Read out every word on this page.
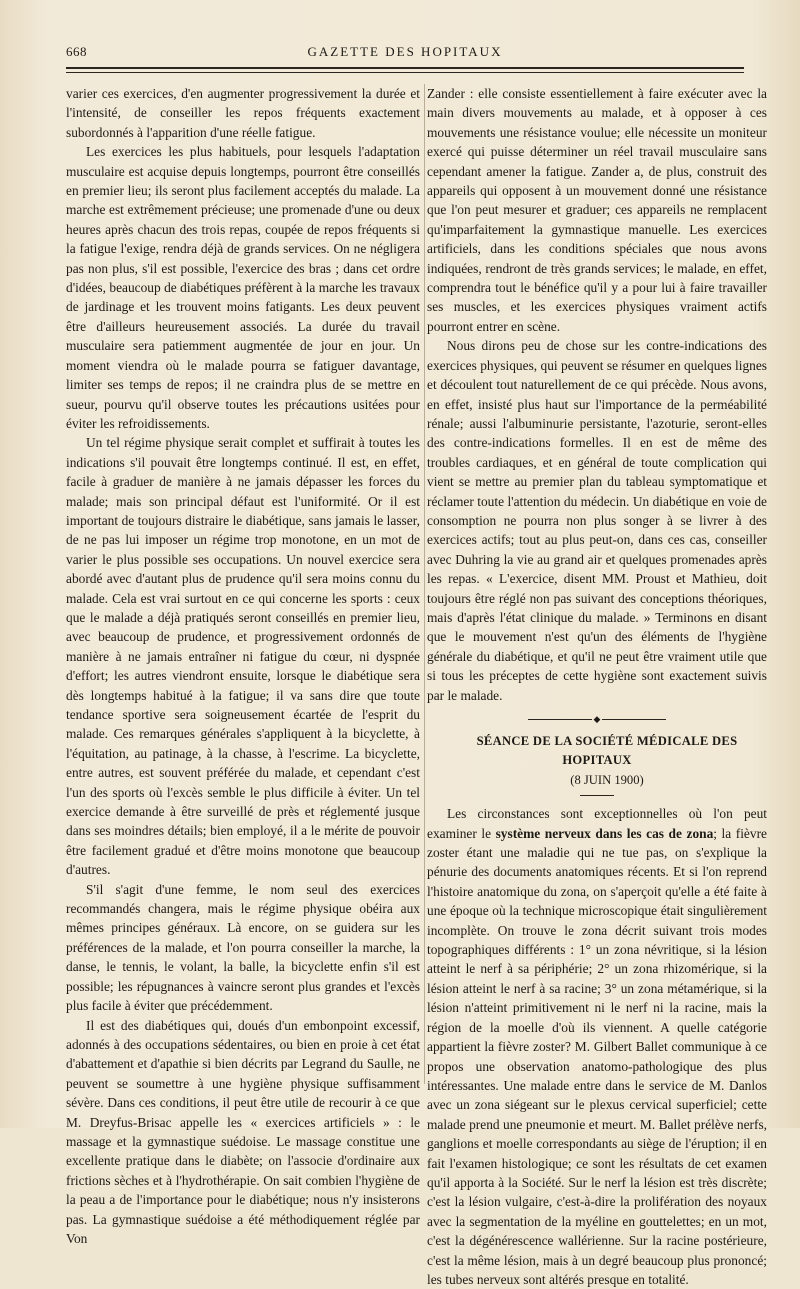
668	GAZETTE DES HOPITAUX

varier ces exercices, d'en augmenter progressivement la durée et l'intensité, de conseiller les repos fréquents exactement subordonnés à l'apparition d'une réelle fatigue.

Les exercices les plus habituels, pour lesquels l'adaptation musculaire est acquise depuis longtemps, pourront être conseillés en premier lieu; ils seront plus facilement acceptés du malade. La marche est extrêmement précieuse; une promenade d'une ou deux heures après chacun des trois repas, coupée de repos fréquents si la fatigue l'exige, rendra déjà de grands services. On ne négligera pas non plus, s'il est possible, l'exercice des bras ; dans cet ordre d'idées, beaucoup de diabétiques préfèrent à la marche les travaux de jardinage et les trouvent moins fatigants. Les deux peuvent être d'ailleurs heureusement associés. La durée du travail musculaire sera patiemment augmentée de jour en jour. Un moment viendra où le malade pourra se fatiguer davantage, limiter ses temps de repos; il ne craindra plus de se mettre en sueur, pourvu qu'il observe toutes les précautions usitées pour éviter les refroidissements.

Un tel régime physique serait complet et suffirait à toutes les indications s'il pouvait être longtemps continué. Il est, en effet, facile à graduer de manière à ne jamais dépasser les forces du malade; mais son principal défaut est l'uniformité. Or il est important de toujours distraire le diabétique, sans jamais le lasser, de ne pas lui imposer un régime trop monotone, en un mot de varier le plus possible ses occupations. Un nouvel exercice sera abordé avec d'autant plus de prudence qu'il sera moins connu du malade. Cela est vrai surtout en ce qui concerne les sports : ceux que le malade a déjà pratiqués seront conseillés en premier lieu, avec beaucoup de prudence, et progressivement ordonnés de manière à ne jamais entraîner ni fatigue du cœur, ni dyspnée d'effort; les autres viendront ensuite, lorsque le diabétique sera dès longtemps habitué à la fatigue; il va sans dire que toute tendance sportive sera soigneusement écartée de l'esprit du malade. Ces remarques générales s'appliquent à la bicyclette, à l'équitation, au patinage, à la chasse, à l'escrime. La bicyclette, entre autres, est souvent préférée du malade, et cependant c'est l'un des sports où l'excès semble le plus difficile à éviter. Un tel exercice demande à être surveillé de près et réglementé jusque dans ses moindres détails; bien employé, il a le mérite de pouvoir être facilement gradué et d'être moins monotone que beaucoup d'autres.

S'il s'agit d'une femme, le nom seul des exercices recommandés changera, mais le régime physique obéira aux mêmes principes généraux. Là encore, on se guidera sur les préférences de la malade, et l'on pourra conseiller la marche, la danse, le tennis, le volant, la balle, la bicyclette enfin s'il est possible; les répugnances à vaincre seront plus grandes et l'excès plus facile à éviter que précédemment.

Il est des diabétiques qui, doués d'un embonpoint excessif, adonnés à des occupations sédentaires, ou bien en proie à cet état d'abattement et d'apathie si bien décrits par Legrand du Saulle, ne peuvent se soumettre à une hygiène physique suffisamment sévère. Dans ces conditions, il peut être utile de recourir à ce que M. Dreyfus-Brisac appelle les « exercices artificiels » : le massage et la gymnastique suédoise. Le massage constitue une excellente pratique dans le diabète; on l'associe d'ordinaire aux frictions sèches et à l'hydrothérapie. On sait combien l'hygiène de la peau a de l'importance pour le diabétique; nous n'y insisterons pas. La gymnastique suédoise a été méthodiquement réglée par Von

Zander : elle consiste essentiellement à faire exécuter avec la main divers mouvements au malade, et à opposer à ces mouvements une résistance voulue; elle nécessite un moniteur exercé qui puisse déterminer un réel travail musculaire sans cependant amener la fatigue. Zander a, de plus, construit des appareils qui opposent à un mouvement donné une résistance que l'on peut mesurer et graduer; ces appareils ne remplacent qu'imparfaitement la gymnastique manuelle. Les exercices artificiels, dans les conditions spéciales que nous avons indiquées, rendront de très grands services; le malade, en effet, comprendra tout le bénéfice qu'il y a pour lui à faire travailler ses muscles, et les exercices physiques vraiment actifs pourront entrer en scène.

Nous dirons peu de chose sur les contre-indications des exercices physiques, qui peuvent se résumer en quelques lignes et découlent tout naturellement de ce qui précède. Nous avons, en effet, insisté plus haut sur l'importance de la perméabilité rénale; aussi l'albuminurie persistante, l'azoturie, seront-elles des contre-indications formelles. Il en est de même des troubles cardiaques, et en général de toute complication qui vient se mettre au premier plan du tableau symptomatique et réclamer toute l'attention du médecin. Un diabétique en voie de consomption ne pourra non plus songer à se livrer à des exercices actifs; tout au plus peut-on, dans ces cas, conseiller avec Duhring la vie au grand air et quelques promenades après les repas. « L'exercice, disent MM. Proust et Mathieu, doit toujours être réglé non pas suivant des conceptions théoriques, mais d'après l'état clinique du malade. » Terminons en disant que le mouvement n'est qu'un des éléments de l'hygiène générale du diabétique, et qu'il ne peut être vraiment utile que si tous les préceptes de cette hygiène sont exactement suivis par le malade.

◆

SÉANCE DE LA SOCIÉTÉ MÉDICALE DES HOPITAUX

(8 JUIN 1900)

Les circonstances sont exceptionnelles où l'on peut examiner le système nerveux dans les cas de zona; la fièvre zoster étant une maladie qui ne tue pas, on s'explique la pénurie des documents anatomiques récents. Et si l'on reprend l'histoire anatomique du zona, on s'aperçoit qu'elle a été faite à une époque où la technique microscopique était singulièrement incomplète. On trouve le zona décrit suivant trois modes topographiques différents : 1° un zona névritique, si la lésion atteint le nerf à sa périphérie; 2° un zona rhizomérique, si la lésion atteint le nerf à sa racine; 3° un zona métamérique, si la lésion n'atteint primitivement ni le nerf ni la racine, mais la région de la moelle d'où ils viennent. A quelle catégorie appartient la fièvre zoster? M. Gilbert Ballet communique à ce propos une observation anatomo-pathologique des plus intéressantes. Une malade entre dans le service de M. Danlos avec un zona siégeant sur le plexus cervical superficiel; cette malade prend une pneumonie et meurt. M. Ballet prélève nerfs, ganglions et moelle correspondants au siège de l'éruption; il en fait l'examen histologique; ce sont les résultats de cet examen qu'il apporta à la Société. Sur le nerf la lésion est très discrète; c'est la lésion vulgaire, c'est-à-dire la prolifération des noyaux avec la segmentation de la myéline en gouttelettes; en un mot, c'est la dégénérescence wallérienne. Sur la racine postérieure, c'est la même lésion, mais à un degré beaucoup plus prononcé; les tubes nerveux sont altérés presque en totalité.
